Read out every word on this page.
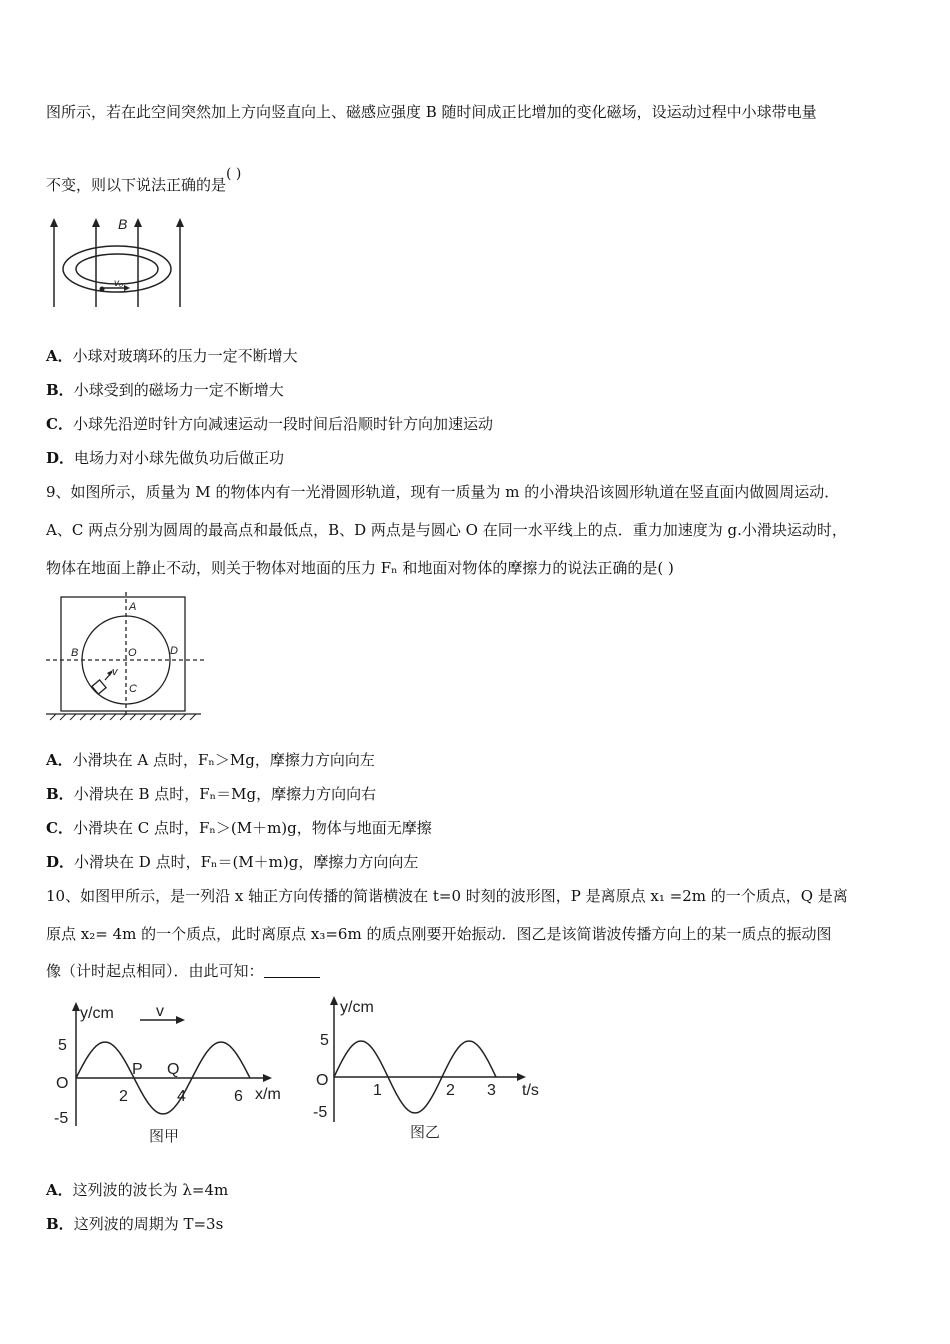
图所示，若在此空间突然加上方向竖直向上、磁感应强度 B 随时间成正比增加的变化磁场，设运动过程中小球带电量
不变，则以下说法正确的是( )
B
v₀
A．小球对玻璃环的压力一定不断增大
B．小球受到的磁场力一定不断增大
C．小球先沿逆时针方向减速运动一段时间后沿顺时针方向加速运动
D．电场力对小球先做负功后做正功
9、如图所示，质量为 M 的物体内有一光滑圆形轨道，现有一质量为 m 的小滑块沿该圆形轨道在竖直面内做圆周运动．
A、C 两点分别为圆周的最高点和最低点，B、D 两点是与圆心 O 在同一水平线上的点．重力加速度为 g.小滑块运动时，
物体在地面上静止不动，则关于物体对地面的压力 Fₙ 和地面对物体的摩擦力的说法正确的是( )
A
B	O	D
C
v
A．小滑块在 A 点时，Fₙ＞Mg，摩擦力方向向左
B．小滑块在 B 点时，Fₙ＝Mg，摩擦力方向向右
C．小滑块在 C 点时，Fₙ＞(M＋m)g，物体与地面无摩擦
D．小滑块在 D 点时，Fₙ＝(M＋m)g，摩擦力方向向左
10、如图甲所示，是一列沿 x 轴正方向传播的简谐横波在 t=0 时刻的波形图，P 是离原点 x₁ =2m 的一个质点，Q 是离
原点 x₂= 4m 的一个质点，此时离原点 x₃=6m 的质点刚要开始振动．图乙是该简谐波传播方向上的某一质点的振动图
像（计时起点相同）．由此可知：
y/cm	v
5
O
-5
2	4	6
P Q
x/m
图甲
y/cm
5
O
-5
1	2 3 t/s
图乙
A．这列波的波长为 λ=4m
B．这列波的周期为 T=3s
